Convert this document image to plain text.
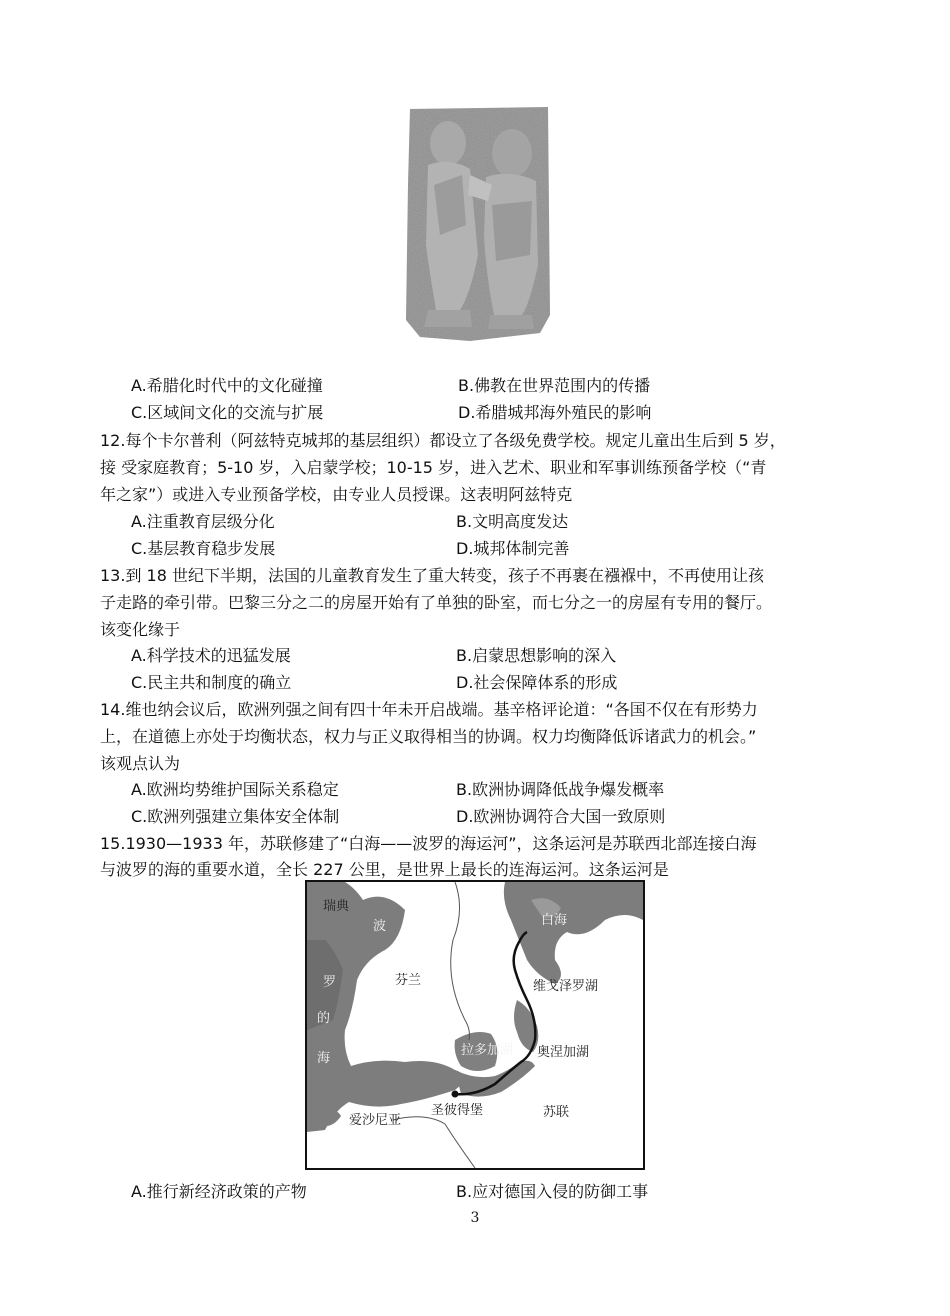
A.希腊化时代中的文化碰撞	B.佛教在世界范围内的传播
C.区域间文化的交流与扩展	D.希腊城邦海外殖民的影响
12.每个卡尔普利（阿兹特克城邦的基层组织）都设立了各级免费学校。规定儿童出生后到 5 岁，
接 受家庭教育；5-10 岁，入启蒙学校；10-15 岁，进入艺术、职业和军事训练预备学校（“青
年之家”）或进入专业预备学校，由专业人员授课。这表明阿兹特克
A.注重教育层级分化	B.文明高度发达
C.基层教育稳步发展	D.城邦体制完善
13.到 18 世纪下半期，法国的儿童教育发生了重大转变，孩子不再裹在襁褓中，不再使用让孩
子走路的牵引带。巴黎三分之二的房屋开始有了单独的卧室，而七分之一的房屋有专用的餐厅。
该变化缘于
A.科学技术的迅猛发展	B.启蒙思想影响的深入
C.民主共和制度的确立	D.社会保障体系的形成
14.维也纳会议后，欧洲列强之间有四十年未开启战端。基辛格评论道：“各国不仅在有形势力
上，在道德上亦处于均衡状态，权力与正义取得相当的协调。权力均衡降低诉诸武力的机会。”
该观点认为
A.欧洲均势维护国际关系稳定	B.欧洲协调降低战争爆发概率
C.欧洲列强建立集体安全体制	D.欧洲协调符合大国一致原则
15.1930—1933 年，苏联修建了“白海——波罗的海运河”，这条运河是苏联西北部连接白海
与波罗的海的重要水道，全长 227 公里，是世界上最长的连海运河。这条运河是
瑞典
波
罗
的
海
芬兰
白海
维戈泽罗湖
拉多加湖 奥涅加湖
圣彼得堡
爱沙尼亚
苏联
A.推行新经济政策的产物	B.应对德国入侵的防御工事
3
